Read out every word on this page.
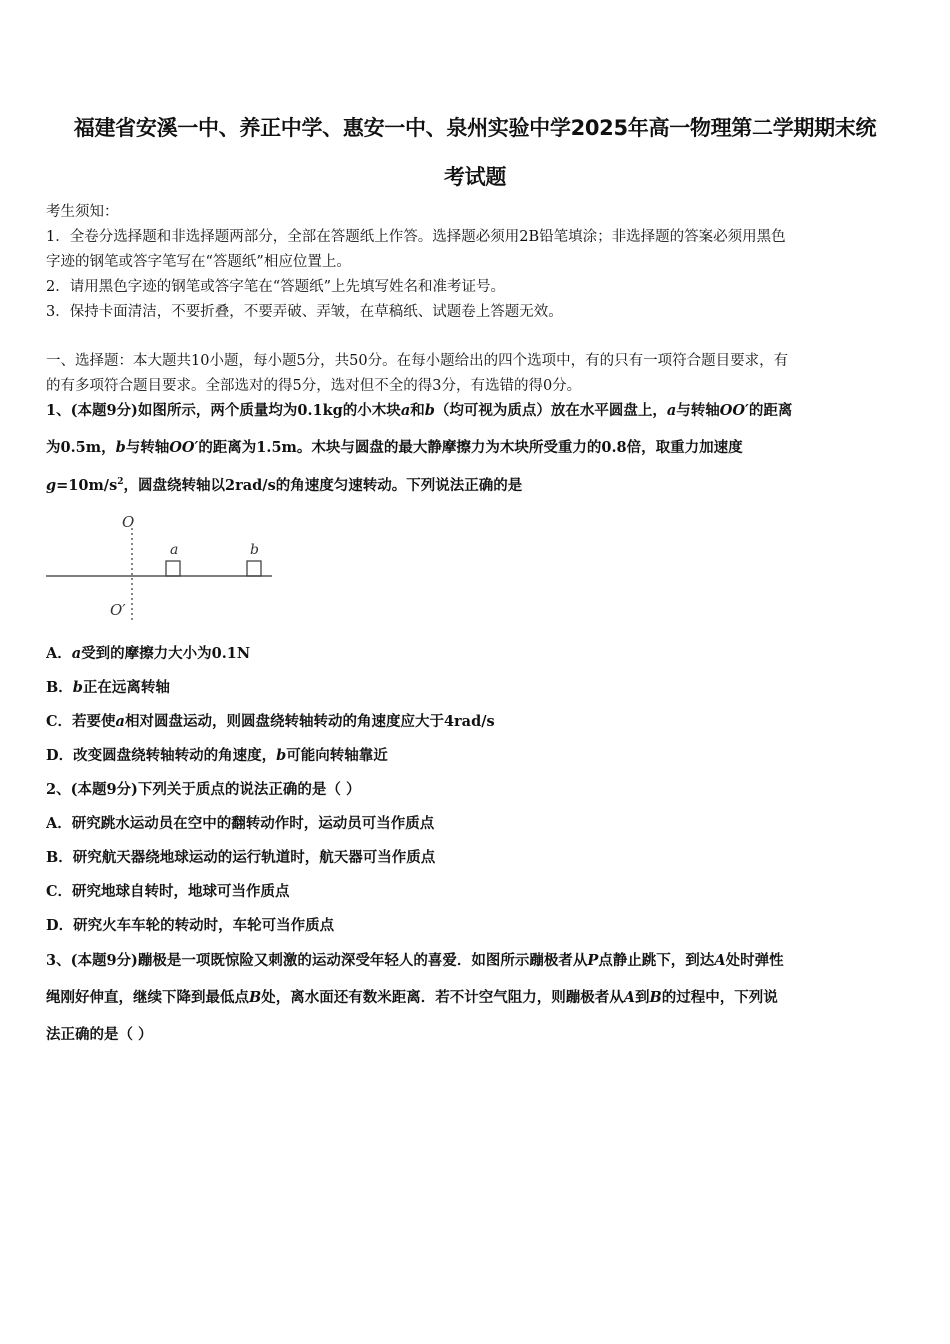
福建省安溪一中、养正中学、惠安一中、泉州实验中学2025年高一物理第二学期期末统
考试题
考生须知：
1．全卷分选择题和非选择题两部分，全部在答题纸上作答。选择题必须用2B铅笔填涂；非选择题的答案必须用黑色
字迹的钢笔或答字笔写在“答题纸”相应位置上。
2．请用黑色字迹的钢笔或答字笔在“答题纸”上先填写姓名和准考证号。
3．保持卡面清洁，不要折叠，不要弄破、弄皱，在草稿纸、试题卷上答题无效。
一、选择题：本大题共10小题，每小题5分，共50分。在每小题给出的四个选项中，有的只有一项符合题目要求，有
的有多项符合题目要求。全部选对的得5分，选对但不全的得3分，有选错的得0分。
1、(本题9分)如图所示，两个质量均为0.1kg的小木块a和b（均可视为质点）放在水平圆盘上，a与转轴OO′的距离
为0.5m，b与转轴OO′的距离为1.5m。木块与圆盘的最大静摩擦力为木块所受重力的0.8倍，取重力加速度
$g=10m/s^2$，圆盘绕转轴以2rad/s的角速度匀速转动。下列说法正确的是
O
O′
a	b
A．a受到的摩擦力大小为0.1N
B．b正在远离转轴
C．若要使a相对圆盘运动，则圆盘绕转轴转动的角速度应大于4rad/s
D．改变圆盘绕转轴转动的角速度，b可能向转轴靠近
2、(本题9分)下列关于质点的说法正确的是（ ）
A．研究跳水运动员在空中的翻转动作时，运动员可当作质点
B．研究航天器绕地球运动的运行轨道时，航天器可当作质点
C．研究地球自转时，地球可当作质点
D．研究火车车轮的转动时，车轮可当作质点
3、(本题9分)蹦极是一项既惊险又刺激的运动深受年轻人的喜爱．如图所示蹦极者从P点静止跳下，到达A处时弹性
绳刚好伸直，继续下降到最低点B处，离水面还有数米距离．若不计空气阻力，则蹦极者从A到B的过程中，下列说
法正确的是（ ）
